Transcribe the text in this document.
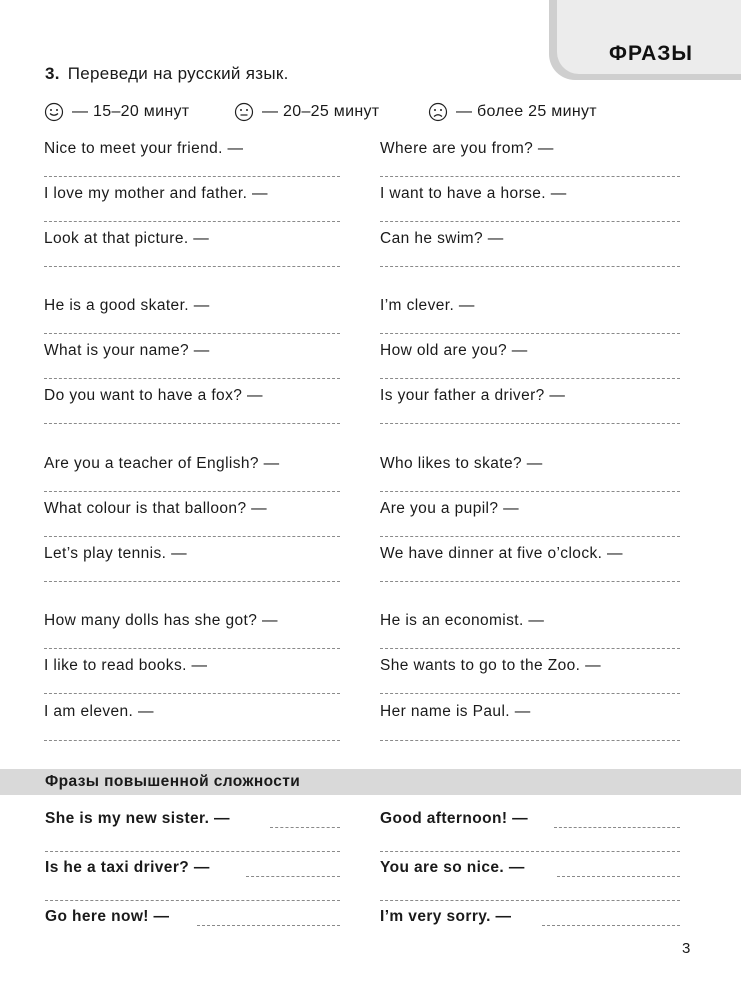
ФРАЗЫ
3. Переведи на русский язык.
— 15–20 минут	— 20–25 минут	— более 25 минут
Nice to meet your friend. —
I love my mother and father. —
Look at that picture. —
He is a good skater. —
What is your name? —
Do you want to have a fox? —
Are you a teacher of English? —
What colour is that balloon? —
Let’s play tennis. —
How many dolls has she got? —
I like to read books. —
I am eleven. —
Where are you from? —
I want to have a horse. —
Can he swim? —
I’m clever. —
How old are you? —
Is your father a driver? —
Who likes to skate? —
Are you a pupil? —
We have dinner at five o’clock. —
He is an economist. —
She wants to go to the Zoo. —
Her name is Paul. —
Фразы повышенной сложности
She is my new sister. —
Is he a taxi driver? —
Go here now! —
Good afternoon! —
You are so nice. —
I’m very sorry. —
3
